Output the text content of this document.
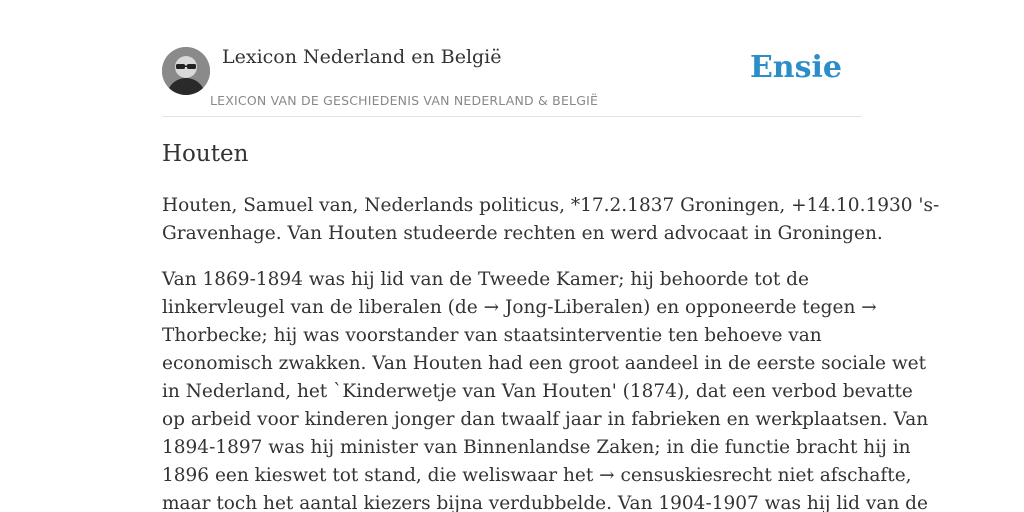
Lexicon Nederland en België
LEXICON VAN DE GESCHIEDENIS VAN NEDERLAND & BELGIË
Ensie
Houten

Houten, Samuel van, Nederlands politicus, *17.2.1837 Groningen, +14.10.1930 's-
Gravenhage. Van Houten studeerde rechten en werd advocaat in Groningen.

Van 1869-1894 was hij lid van de Tweede Kamer; hij behoorde tot de
linkervleugel van de liberalen (de → Jong-Liberalen) en opponeerde tegen →
Thorbecke; hij was voorstander van staatsinterventie ten behoeve van
economisch zwakken. Van Houten had een groot aandeel in de eerste sociale wet
in Nederland, het `Kinderwetje van Van Houten' (1874), dat een verbod bevatte
op arbeid voor kinderen jonger dan twaalf jaar in fabrieken en werkplaatsen. Van
1894-1897 was hij minister van Binnenlandse Zaken; in die functie bracht hij in
1896 een kieswet tot stand, die weliswaar het → censuskiesrecht niet afschafte,
maar toch het aantal kiezers bijna verdubbelde. Van 1904-1907 was hij lid van de
